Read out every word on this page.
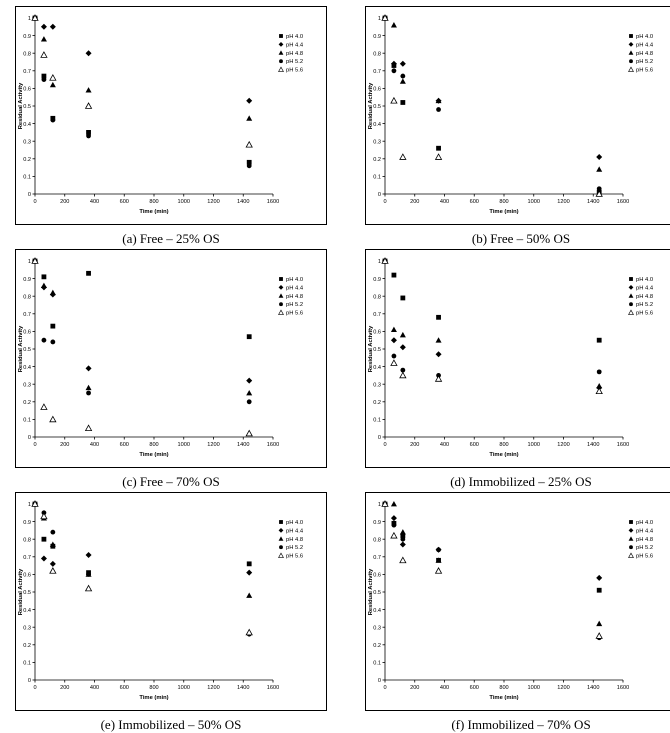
0
0.1
0.2
0.3
0.4
0.5
0.6
0.7
0.8
0.9
1
0	200	400	600	800	1000	1200	1400	1600
Time (min)
Residual Activity
pH 4.0
pH 4.4
pH 4.8
pH 5.2
pH 5.6
(a) Free – 25% OS
0
0.1
0.2
0.3
0.4
0.5
0.6
0.7
0.8
0.9
1
0	200	400	600	800	1000	1200	1400	1600
Time (min)
Residual Activity
pH 4.0
pH 4.4
pH 4.8
pH 5.2
pH 5.6
(b) Free – 50% OS
0
0.1
0.2
0.3
0.4
0.5
0.6
0.7
0.8
0.9
1
0	200	400	600	800	1000	1200	1400	1600
Time (min)
Residual Activity
pH 4.0
pH 4.4
pH 4.8
pH 5.2
pH 5.6
(c) Free – 70% OS
0
0.1
0.2
0.3
0.4
0.5
0.6
0.7
0.8
0.9
1
0	200	400	600	800	1000	1200	1400	1600
Time (min)
Residual Activity
pH 4.0
pH 4.4
pH 4.8
pH 5.2
pH 5.6
(d) Immobilized – 25% OS
0
0.1
0.2
0.3
0.4
0.5
0.6
0.7
0.8
0.9
1
0	200	400	600	800	1000	1200	1400	1600
Time (min)
Residual Activity
pH 4.0
pH 4.4
pH 4.8
pH 5.2
pH 5.6
(e) Immobilized – 50% OS
0
0.1
0.2
0.3
0.4
0.5
0.6
0.7
0.8
0.9
1
0	200	400	600	800	1000	1200	1400	1600
Time (min)
Residual Activity
pH 4.0
pH 4.4
pH 4.8
pH 5.2
pH 5.6
(f) Immobilized – 70% OS
